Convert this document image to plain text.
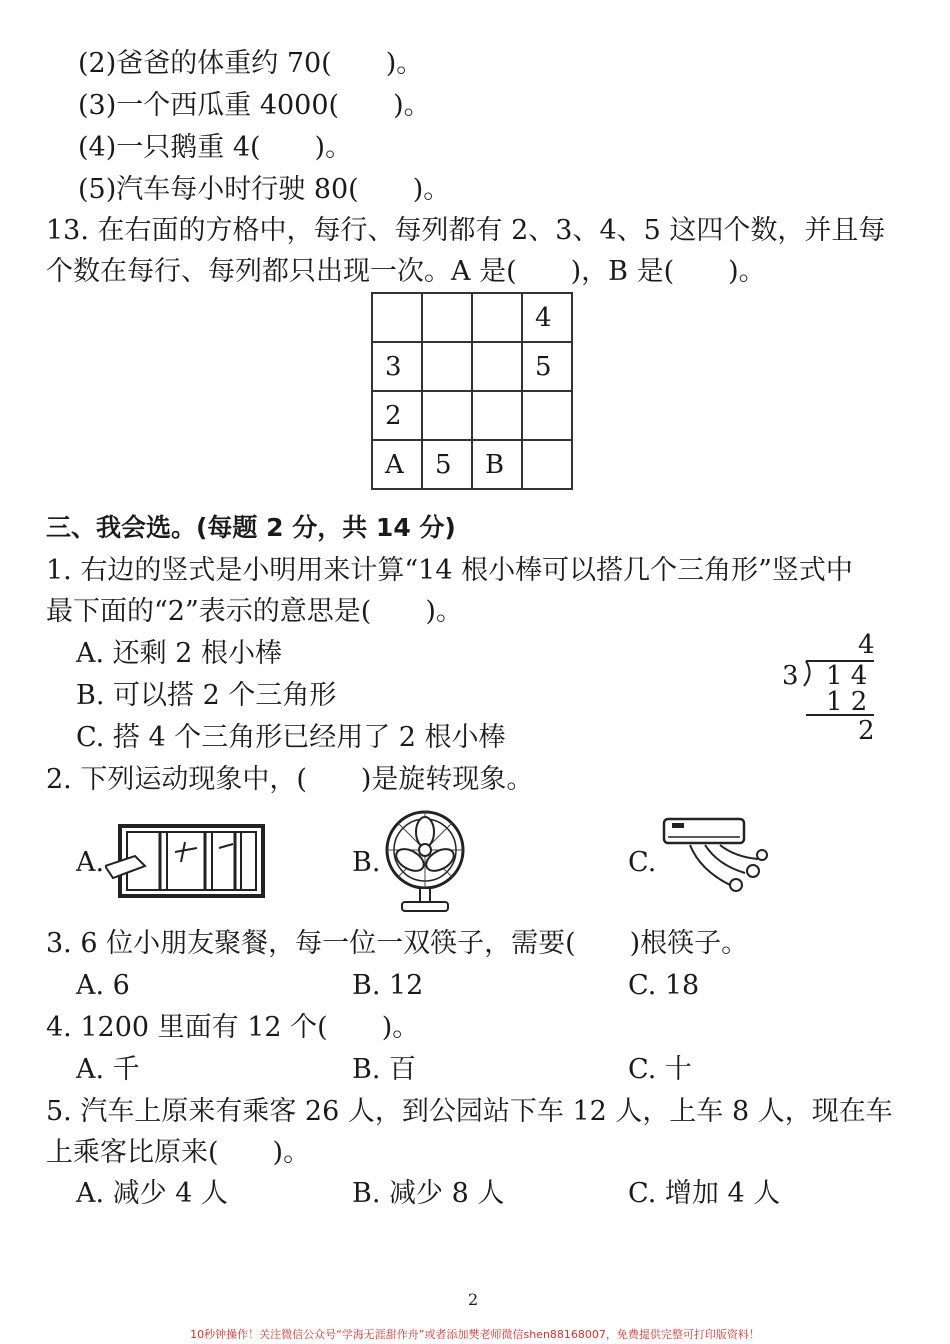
(2)爸爸的体重约 70(　　)。
(3)一个西瓜重 4000(　　)。
(4)一只鹅重 4(　　)。
(5)汽车每小时行驶 80(　　)。
13. 在右面的方格中，每行、每列都有 2、3、4、5 这四个数，并且每
个数在每行、每列都只出现一次。A 是(　　)，B 是(　　)。
			4
3			5
2			
A	5	B	
三、我会选。(每题 2 分，共 14 分)
1. 右边的竖式是小明用来计算“14 根小棒可以搭几个三角形”竖式中
最下面的“2”表示的意思是(　　)。
A. 还剩 2 根小棒
B. 可以搭 2 个三角形
C. 搭 4 个三角形已经用了 2 根小棒
4
3 1 4
1 2
2
2. 下列运动现象中，(　　)是旋转现象。
A.	B.	C.
3. 6 位小朋友聚餐，每一位一双筷子，需要(　　)根筷子。
A. 6	B. 12	C. 18
4. 1200 里面有 12 个(　　)。
A. 千	B. 百	C. 十
5. 汽车上原来有乘客 26 人，到公园站下车 12 人，上车 8 人，现在车
上乘客比原来(　　)。
A. 减少 4 人	B. 减少 8 人	C. 增加 4 人
2
10秒钟操作！关注微信公众号“学海无涯甜作舟”或者添加樊老师微信shen88168007，免费提供完整可打印版资料！
